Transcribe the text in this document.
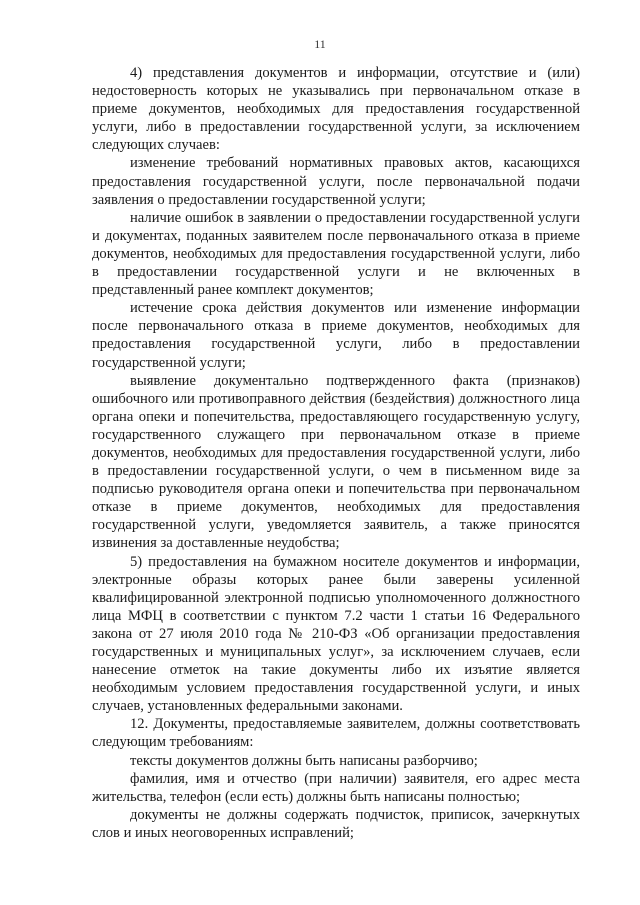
11

4) представления документов и информации, отсутствие и (или) недостоверность которых не указывались при первоначальном отказе в приеме документов, необходимых для предоставления государственной услуги, либо в предоставлении государственной услуги, за исключением следующих случаев:

изменение требований нормативных правовых актов, касающихся предоставления государственной услуги, после первоначальной подачи заявления о предоставлении государственной услуги;

наличие ошибок в заявлении о предоставлении государственной услуги и документах, поданных заявителем после первоначального отказа в приеме документов, необходимых для предоставления государственной услуги, либо в предоставлении государственной услуги и не включенных в представленный ранее комплект документов;

истечение срока действия документов или изменение информации после первоначального отказа в приеме документов, необходимых для предоставления государственной услуги, либо в предоставлении государственной услуги;

выявление документально подтвержденного факта (признаков) ошибочного или противоправного действия (бездействия) должностного лица органа опеки и попечительства, предоставляющего государственную услугу, государственного служащего при первоначальном отказе в приеме документов, необходимых для предоставления государственной услуги, либо в предоставлении государственной услуги, о чем в письменном виде за подписью руководителя органа опеки и попечительства при первоначальном отказе в приеме документов, необходимых для предоставления государственной услуги, уведомляется заявитель, а также приносятся извинения за доставленные неудобства;

5) предоставления на бумажном носителе документов и информации, электронные образы которых ранее были заверены усиленной квалифицированной электронной подписью уполномоченного должностного лица МФЦ в соответствии с пунктом 7.2 части 1 статьи 16 Федерального закона от 27 июля 2010 года № 210-ФЗ «Об организации предоставления государственных и муниципальных услуг», за исключением случаев, если нанесение отметок на такие документы либо их изъятие является необходимым условием предоставления государственной услуги, и иных случаев, установленных федеральными законами.

12. Документы, предоставляемые заявителем, должны соответствовать следующим требованиям:

тексты документов должны быть написаны разборчиво;

фамилия, имя и отчество (при наличии) заявителя, его адрес места жительства, телефон (если есть) должны быть написаны полностью;

документы не должны содержать подчисток, приписок, зачеркнутых слов и иных неоговоренных исправлений;
